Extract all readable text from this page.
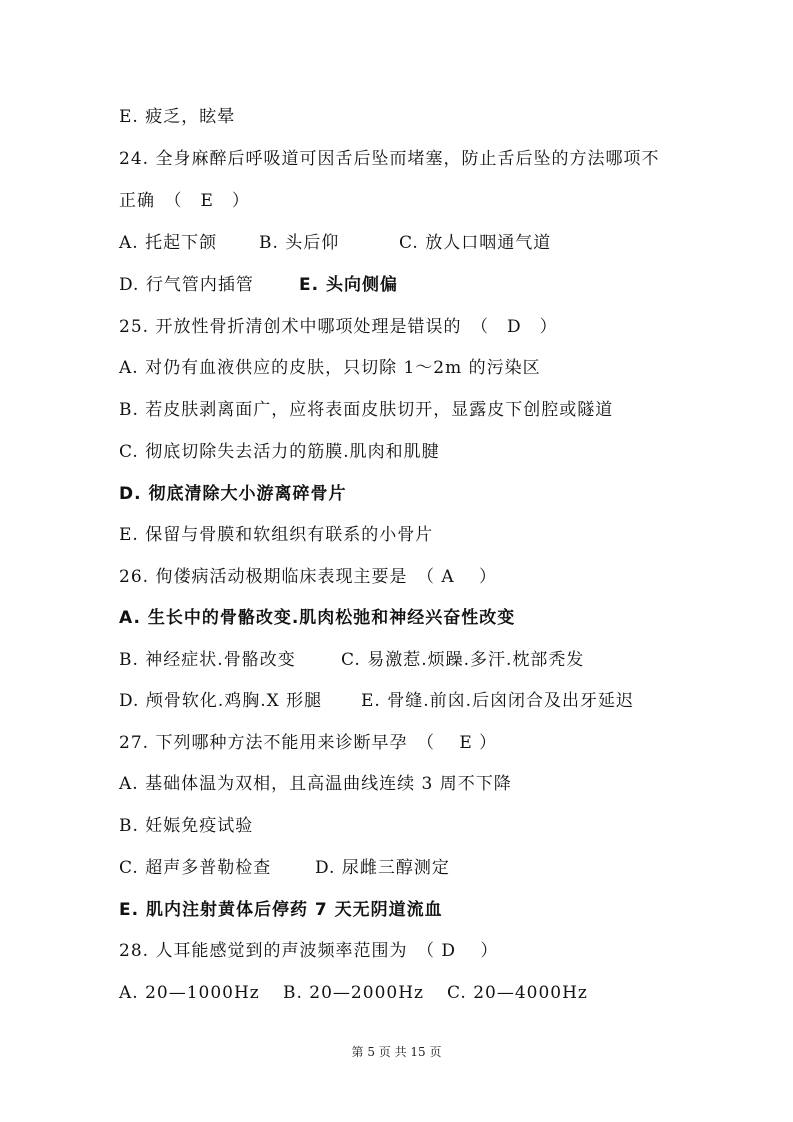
E. 疲乏，眩晕
24. 全身麻醉后呼吸道可因舌后坠而堵塞，防止舌后坠的方法哪项不
正确　（　E　）
A. 托起下颌 B. 头后仰	C. 放人口咽通气道
D. 行气管内插管	E. 头向侧偏
25. 开放性骨折清创术中哪项处理是错误的　（　D　）
A. 对仍有血液供应的皮肤，只切除 1～2m 的污染区
B. 若皮肤剥离面广，应将表面皮肤切开，显露皮下创腔或隧道
C. 彻底切除失去活力的筋膜.肌肉和肌腱
D. 彻底清除大小游离碎骨片
E. 保留与骨膜和软组织有联系的小骨片
26. 佝偻病活动极期临床表现主要是　（ A　 ）
A. 生长中的骨骼改变.肌肉松弛和神经兴奋性改变
B. 神经症状.骨骼改变	C. 易激惹.烦躁.多汗.枕部秃发
D. 颅骨软化.鸡胸.X 形腿 E. 骨缝.前囟.后囟闭合及出牙延迟
27. 下列哪种方法不能用来诊断早孕　（　 E ）
A. 基础体温为双相，且高温曲线连续 3 周不下降
B. 妊娠免疫试验
C. 超声多普勒检查	D. 尿雌三醇测定
E. 肌内注射黄体后停药 7 天无阴道流血
28. 人耳能感觉到的声波频率范围为　（ D　 ）
A. 20—1000Hz B. 20—2000Hz C. 20—4000Hz
第 5 页 共 15 页
